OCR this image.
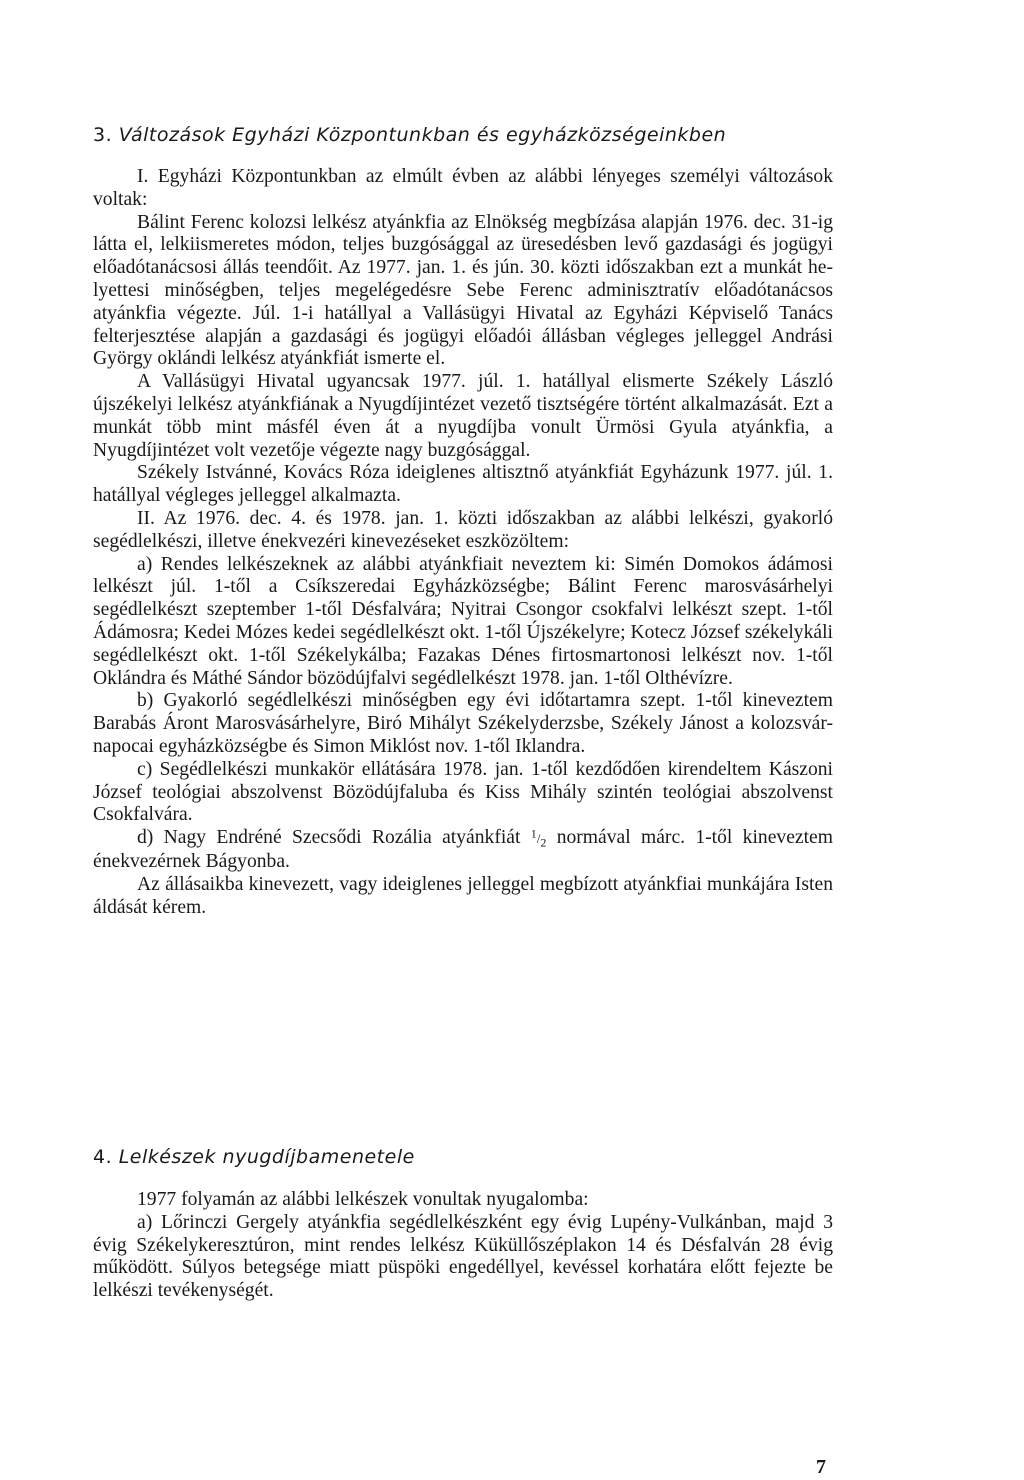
3. Változások Egyházi Központunkban és egyházközségeinkben

I. Egyházi Központunkban az elmúlt évben az alábbi lényeges személyi változások voltak:

Bálint Ferenc kolozsi lelkész atyánkfia az Elnökség megbízása alapján 1976. dec. 31-ig látta el, lelkiismeretes módon, teljes buzgósággal az üresedésben levő gazdasági és jogügyi előadótanácsosi állás teendőit. Az 1977. jan. 1. és jún. 30. közti időszakban ezt a munkát helyettesi minőségben, teljes megelégedésre Sebe Ferenc adminisztratív előadótanácsos atyánkfia végezte. Júl. 1-i hatállyal a Vallásügyi Hivatal az Egyházi Képviselő Tanács felterjesztése alapján a gazdasági és jogügyi előadói állásban végleges jelleggel Andrási György oklándi lelkész atyánkfiát ismerte el.

A Vallásügyi Hivatal ugyancsak 1977. júl. 1. hatállyal elismerte Székely László újszékelyi lelkész atyánkfiának a Nyugdíjintézet vezető tisztségére történt alkalmazását. Ezt a munkát több mint másfél éven át a nyugdíjba vonult Ürmösi Gyula atyánkfia, a Nyugdíjintézet volt vezetője végezte nagy buzgósággal.

Székely Istvánné, Kovács Róza ideiglenes altisztnő atyánkfiát Egyházunk 1977. júl. 1. hatállyal végleges jelleggel alkalmazta.

II. Az 1976. dec. 4. és 1978. jan. 1. közti időszakban az alábbi lelkészi, gyakorló segédlelkészi, illetve énekvezéri kinevezéseket eszközöltem:

a) Rendes lelkészeknek az alábbi atyánkfiait neveztem ki: Simén Domokos ádámosi lelkészt júl. 1-től a Csíkszeredai Egyházközségbe; Bálint Ferenc marosvásárhelyi segédlelkészt szeptember 1-től Désfalvára; Nyitrai Csongor csokfalvi lelkészt szept. 1-től Ádámosra; Kedei Mózes kedei segédlelkészt okt. 1-től Újszékelyre; Kotecz József székelykáli segédlelkészt okt. 1-től Székelykálba; Fazakas Dénes firtosmartonosi lelkészt nov. 1-től Oklándra és Máthé Sándor bözödújfalvi segédlelkészt 1978. jan. 1-től Olthévízre.

b) Gyakorló segédlelkészi minőségben egy évi időtartamra szept. 1-től kineveztem Barabás Áront Marosvásárhelyre, Biró Mihályt Székelyderzsbe, Székely Jánost a kolozsvár-napocai egyházközségbe és Simon Miklóst nov. 1-től Iklandra.

c) Segédlelkészi munkakör ellátására 1978. jan. 1-től kezdődően kirendeltem Kászoni József teológiai abszolvenst Bözödújfaluba és Kiss Mihály szintén teológiai abszolvenst Csokfalvára.

d) Nagy Endréné Szecsődi Rozália atyánkfiát $^1/_2$ normával márc. 1-től kineveztem énekvezérnek Bágyonba.

Az állásaikba kinevezett, vagy ideiglenes jelleggel megbízott atyánkfiai munkájára Isten áldását kérem.

4. Lelkészek nyugdíjbamenetele

1977 folyamán az alábbi lelkészek vonultak nyugalomba:

a) Lőrinczi Gergely atyánkfia segédlelkészként egy évig Lupény-Vulkánban, majd 3 évig Székelykeresztúron, mint rendes lelkész Küküllőszéplakon 14 és Désfalván 28 évig működött. Súlyos betegsége miatt püspöki engedéllyel, kevéssel korhatára előtt fejezte be lelkészi tevékenységét.

7
